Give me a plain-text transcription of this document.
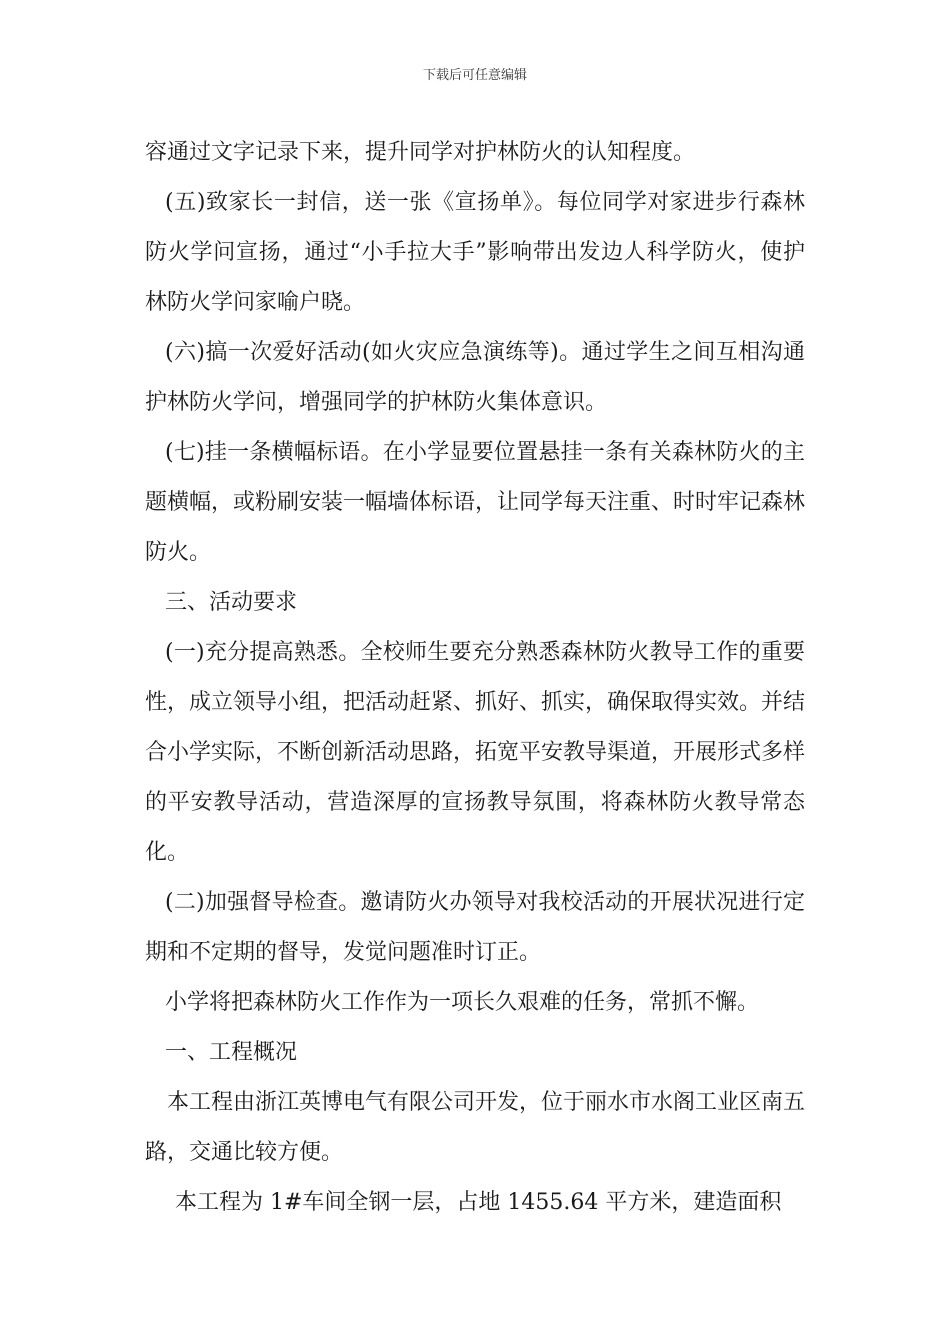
下载后可任意编辑

容通过文字记录下来，提升同学对护林防火的认知程度。

(五)致家长一封信，送一张《宣扬单》。每位同学对家进步行森林防火学问宣扬，通过“小手拉大手”影响带出发边人科学防火，使护林防火学问家喻户晓。

(六)搞一次爱好活动(如火灾应急演练等)。通过学生之间互相沟通护林防火学问，增强同学的护林防火集体意识。

(七)挂一条横幅标语。在小学显要位置悬挂一条有关森林防火的主题横幅，或粉刷安装一幅墙体标语，让同学每天注重、时时牢记森林防火。

三、活动要求

(一)充分提高熟悉。全校师生要充分熟悉森林防火教导工作的重要性，成立领导小组，把活动赶紧、抓好、抓实，确保取得实效。并结合小学实际，不断创新活动思路，拓宽平安教导渠道，开展形式多样的平安教导活动，营造深厚的宣扬教导氛围，将森林防火教导常态化。

(二)加强督导检查。邀请防火办领导对我校活动的开展状况进行定期和不定期的督导，发觉问题准时订正。

小学将把森林防火工作作为一项长久艰难的任务，常抓不懈。

一、工程概况

本工程由浙江英博电气有限公司开发，位于丽水市水阁工业区南五路，交通比较方便。

本工程为 1#车间全钢一层，占地 1455.64 平方米，建造面积
